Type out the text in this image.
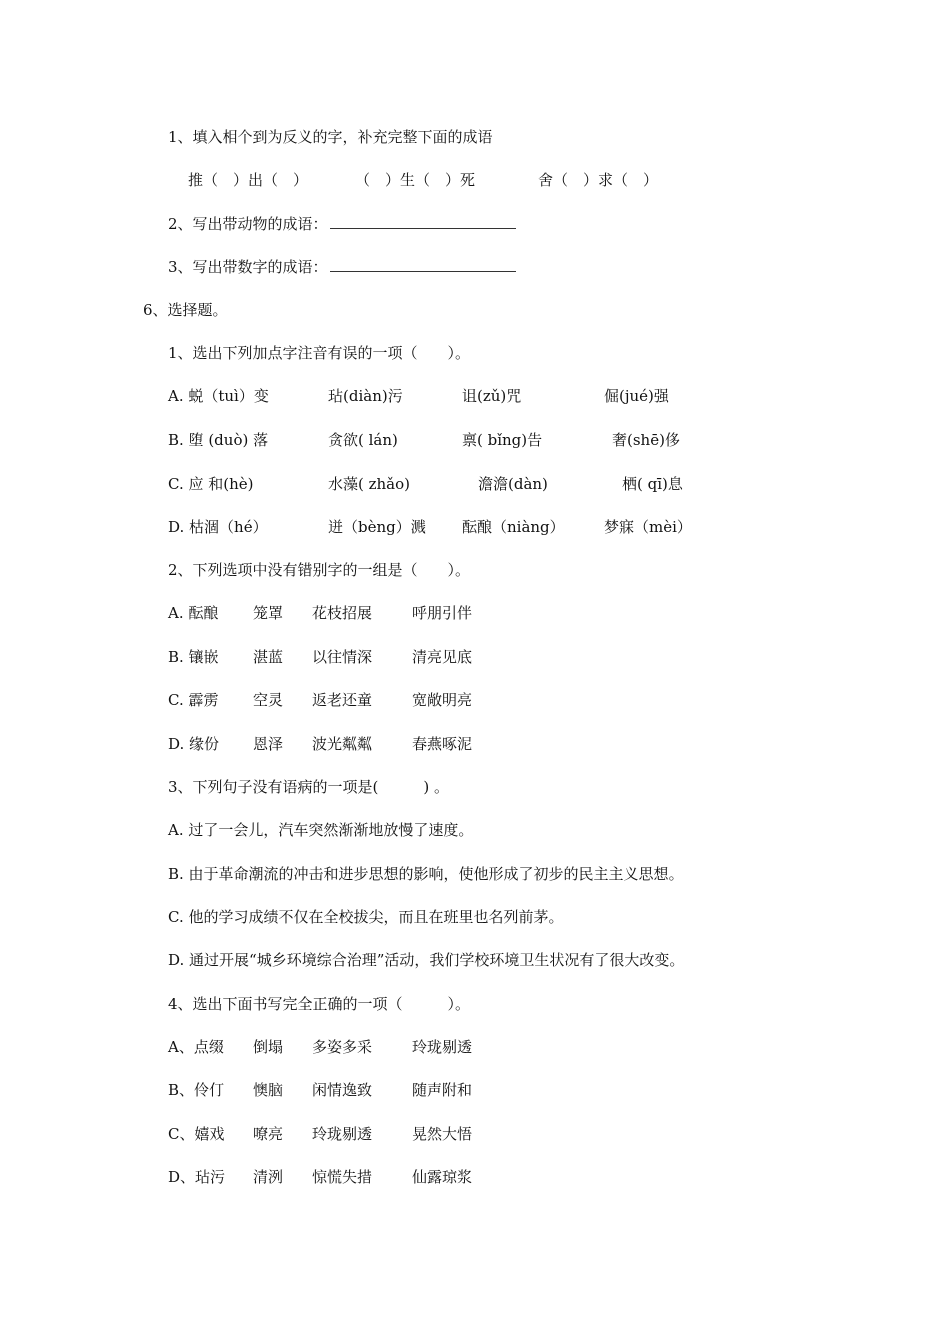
1、填入相个到为反义的字，补充完整下面的成语
推（　）出（　）	（　）生（　）死	舍（　）求（　）
2、写出带动物的成语：
3、写出带数字的成语：
6、选择题。
1、选出下列加点字注音有误的一项（　　）。
A. 蜕（tuì）变	玷(diàn)污	诅(zǔ)咒	倔(jué)强
B. 堕 (duò) 落	贪欲( lán)	禀( bǐng)告	奢(shē)侈
C. 应 和(hè)	水藻( zhǎo)	澹澹(dàn)	栖( qī)息
D. 枯涸（hé）	迸（bèng）溅 酝酿（niàng）	梦寐（mèi）
2、下列选项中没有错别字的一组是（　　）。
A. 酝酿 笼罩 花枝招展	呼朋引伴
B. 镶嵌 湛蓝 以往情深	清亮见底
C. 霹雳 空灵 返老还童	宽敞明亮
D. 缘份 恩泽 波光粼粼	春燕啄泥
3、下列句子没有语病的一项是(　　　) 。
A. 过了一会儿，汽车突然渐渐地放慢了速度。
B. 由于革命潮流的冲击和进步思想的影响，使他形成了初步的民主主义思想。
C. 他的学习成绩不仅在全校拔尖，而且在班里也名列前茅。
D. 通过开展“城乡环境综合治理”活动，我们学校环境卫生状况有了很大改变。
4、选出下面书写完全正确的一项（　　　）。
A、点缀 倒塌 多姿多采	玲珑剔透
B、伶仃 懊脑 闲情逸致	随声附和
C、嬉戏 嘹亮 玲珑剔透	晃然大悟
D、玷污 清洌 惊慌失措	仙露琼浆
